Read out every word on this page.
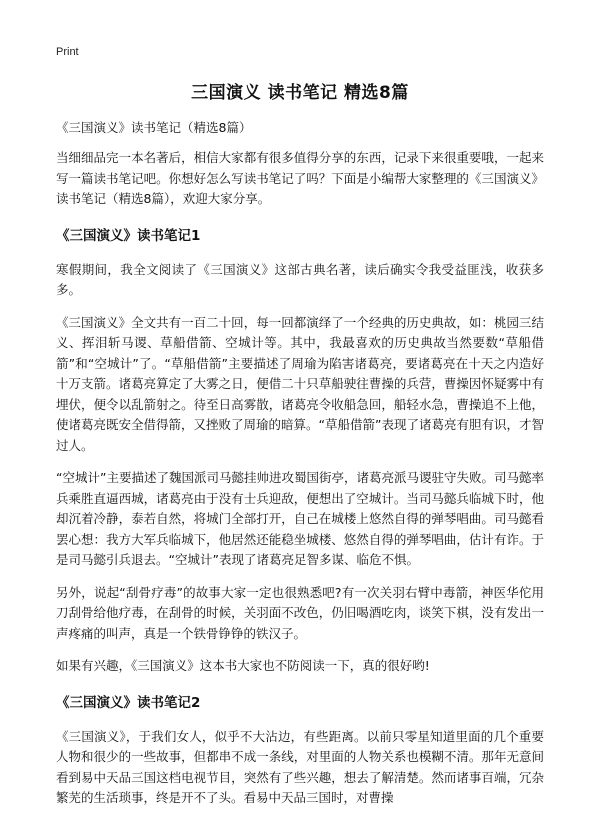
Print

三国演义 读书笔记 精选8篇

《三国演义》读书笔记（精选8篇）

当细细品完一本名著后，相信大家都有很多值得分享的东西，记录下来很重要哦，一起来写一篇读书笔记吧。你想好怎么写读书笔记了吗？下面是小编帮大家整理的《三国演义》读书笔记（精选8篇），欢迎大家分享。

《三国演义》读书笔记1

寒假期间，我全文阅读了《三国演义》这部古典名著，读后确实令我受益匪浅，收获多多。

《三国演义》全文共有一百二十回，每一回都演绎了一个经典的历史典故，如：桃园三结义、挥泪斩马谡、草船借箭、空城计等。其中，我最喜欢的历史典故当然要数“草船借箭”和“空城计”了。“草船借箭”主要描述了周瑜为陷害诸葛亮，要诸葛亮在十天之内造好十万支箭。诸葛亮算定了大雾之日，便借二十只草船驶往曹操的兵营，曹操因怀疑雾中有埋伏，便令以乱箭射之。待至日高雾散，诸葛亮令收船急回，船轻水急，曹操追不上他，使诸葛亮既安全借得箭，又挫败了周瑜的暗算。“草船借箭”表现了诸葛亮有胆有识，才智过人。

“空城计”主要描述了魏国派司马懿挂帅进攻蜀国街亭，诸葛亮派马谡驻守失败。司马懿率兵乘胜直逼西城，诸葛亮由于没有士兵迎敌，便想出了空城计。当司马懿兵临城下时，他却沉着冷静，泰若自然，将城门全部打开，自己在城楼上悠然自得的弹琴唱曲。司马懿看罢心想：我方大军兵临城下，他居然还能稳坐城楼、悠然自得的弹琴唱曲，估计有诈。于是司马懿引兵退去。“空城计”表现了诸葛亮足智多谋、临危不惧。

另外，说起“刮骨疗毒”的故事大家一定也很熟悉吧?有一次关羽右臂中毒箭，神医华佗用刀刮骨给他疗毒，在刮骨的时候，关羽面不改色，仍旧喝酒吃肉，谈笑下棋，没有发出一声疼痛的叫声，真是一个铁骨铮铮的铁汉子。

如果有兴趣，《三国演义》这本书大家也不防阅读一下，真的很好哟!

《三国演义》读书笔记2

《三国演义》，于我们女人，似乎不大沾边，有些距离。以前只零星知道里面的几个重要人物和很少的一些故事，但都串不成一条线，对里面的人物关系也模糊不清。那年无意间看到易中天品三国这档电视节目，突然有了些兴趣，想去了解清楚。然而诸事百端，冗杂繁芜的生活琐事，终是开不了头。看易中天品三国时，对曹操
